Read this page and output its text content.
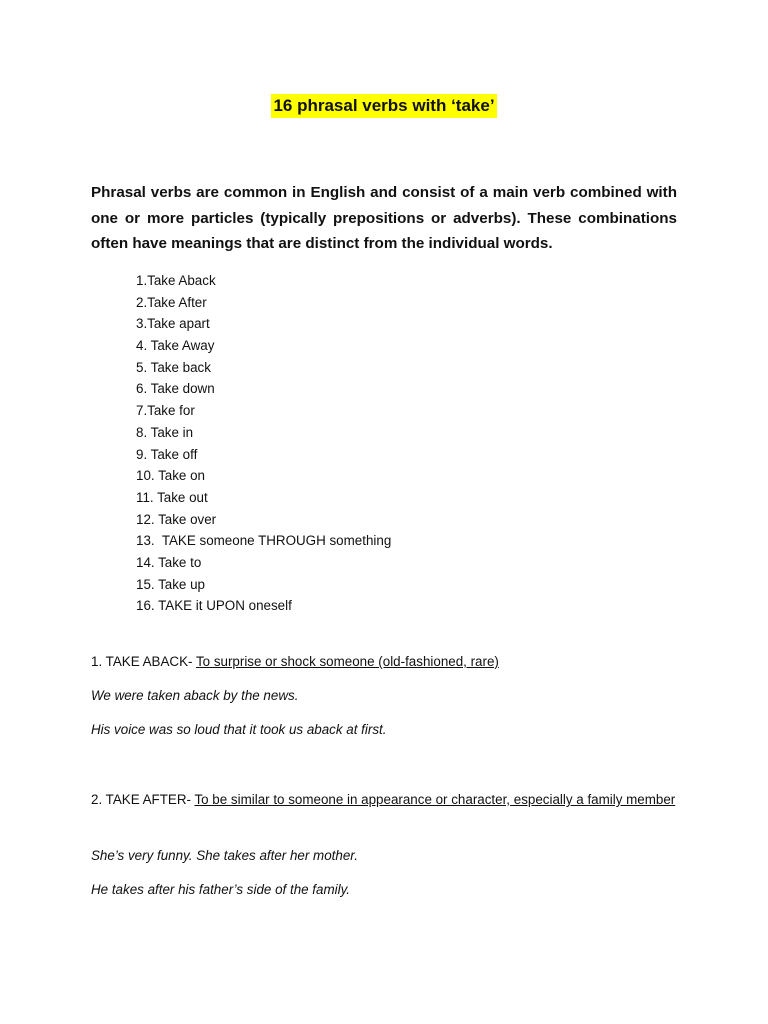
16 phrasal verbs with ‘take’

Phrasal verbs are common in English and consist of a main verb combined with one or more particles (typically prepositions or adverbs). These combinations often have meanings that are distinct from the individual words.

1.Take Aback
2.Take After
3.Take apart
4. Take Away
5. Take back
6. Take down
7.Take for
8. Take in
9. Take off
10. Take on
11. Take out
12. Take over
13.  TAKE someone THROUGH something
14. Take to
15. Take up
16. TAKE it UPON oneself
1. TAKE ABACK- To surprise or shock someone (old-fashioned, rare)
We were taken aback by the news.
His voice was so loud that it took us aback at first.
2. TAKE AFTER- To be similar to someone in appearance or character, especially a family member
She’s very funny. She takes after her mother.
He takes after his father’s side of the family.
